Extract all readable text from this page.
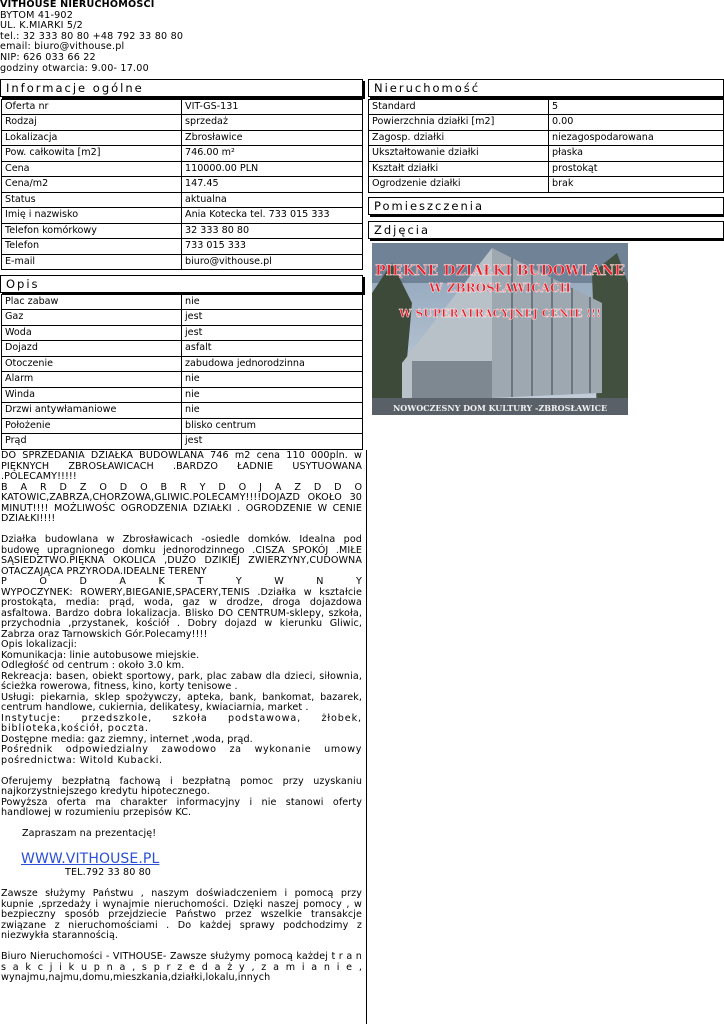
VITHOUSE NIERUCHOMOŚCI
BYTOM 41-902
UL. K.MIARKI 5/2
tel.: 32 333 80 80 +48 792 33 80 80
email: biuro@vithouse.pl
NIP: 626 033 66 22
godziny otwarcia: 9.00- 17.00
Informacje ogólne
Oferta nr	VIT-GS-131
Rodzaj	sprzedaż
Lokalizacja	Zbrosławice
Pow. całkowita [m2]	746.00 m²
Cena	110000.00 PLN
Cena/m2	147.45
Status	aktualna
Imię i nazwisko	Ania Kotecka tel. 733 015 333
Telefon komórkowy	32 333 80 80
Telefon	733 015 333
E-mail	biuro@vithouse.pl
Nieruchomość
Standard	5
Powierzchnia działki [m2]	0.00
Zagosp. działki	niezagospodarowana
Ukształtowanie działki	płaska
Kształt działki	prostokąt
Ogrodzenie działki	brak
Pomieszczenia
Zdjęcia
PIĘKNE DZIAŁKI BUDOWLANE
W ZBROSŁAWICACH
W SUPERATRACYJNEJ CENIE !!!
NOWOCZESNY DOM KULTURY -ZBROSŁAWICE
Opis
Plac zabaw	nie
Gaz	jest
Woda	jest
Dojazd	asfalt
Otoczenie	zabudowa jednorodzinna
Alarm	nie
Winda	nie
Drzwi antywłamaniowe	nie
Położenie	blisko centrum
Prąd	jest

DO SPRZEDANIA DZIAŁKA BUDOWLANA 746 m2 cena 110 000pln. w PIĘKNYCH ZBROSŁAWICACH .BARDZO ŁADNIE USYTUOWANA .POLECAMY!!!!!

B A R D Z O D O B R Y D O J A Z D D O

KATOWIC,ZABRZA,CHORZOWA,GLIWIC.POLECAMY!!!!DOJAZD OKOŁO 30 MINUT!!!! MOŻLIWOŚC OGRODZENIA DZIAŁKI . OGRODZENIE W CENIE DZIAŁKI!!!!

Działka budowlana w Zbrosławicach -osiedle domków. Idealna pod budowę upragnionego domku jednorodzinnego .CISZA SPOKÓJ .MIŁE SĄSIEDZTWO.PIĘKNA OKOLICA ,DUŻO DZIKIEJ ZWIERZYNY,CUDOWNA OTACZAJĄCA PRZYRODA.IDEALNE TERENY

P O D A K T Y W N Y

WYPOCZYNEK: ROWERY,BIEGANIE,SPACERY,TENIS .Działka w kształcie prostokąta, media: prąd, woda, gaz w drodze, droga dojazdowa asfaltowa. Bardzo dobra lokalizacja. Blisko DO CENTRUM-sklepy, szkoła, przychodnia ,przystanek, kościół . Dobry dojazd w kierunku Gliwic, Zabrza oraz Tarnowskich Gór.Polecamy!!!!

Opis lokalizacji:

Komunikacja: linie autobusowe miejskie.

Odległość od centrum : około 3.0 km.

Rekreacja: basen, obiekt sportowy, park, plac zabaw dla dzieci, siłownia, ścieżka rowerowa, fitness, kino, korty tenisowe .

Usługi: piekarnia, sklep spożywczy, apteka, bank, bankomat, bazarek, centrum handlowe, cukiernia, delikatesy, kwiaciarnia, market .

Instytucje: przedszkole, szkoła podstawowa, żłobek, biblioteka,kościół, poczta.

Dostępne media: gaz ziemny, internet ,woda, prąd.

Pośrednik odpowiedzialny zawodowo za wykonanie umowy pośrednictwa: Witold Kubacki.

Oferujemy bezpłatną fachową i bezpłatną pomoc przy uzyskaniu najkorzystniejszego kredytu hipotecznego.

Powyższa oferta ma charakter informacyjny i nie stanowi oferty handlowej w rozumieniu przepisów KC.

Zapraszam na prezentację!

WWW.VITHOUSE.PL

TEL.792 33 80 80

Zawsze służymy Państwu , naszym doświadczeniem i pomocą przy kupnie ,sprzedaży i wynajmie nieruchomości. Dzięki naszej pomocy , w bezpieczny sposób przejdziecie Państwo przez wszelkie transakcje związane z nieruchomościami . Do każdej sprawy podchodzimy z niezwykła starannością.

Biuro Nieruchomości - VITHOUSE- Zawsze służymy pomocą każdej t r a n s a k c j i k u p n a , s p r z e d a ż y , z a m i a n i e , wynajmu,najmu,domu,mieszkania,działki,lokalu,innych
